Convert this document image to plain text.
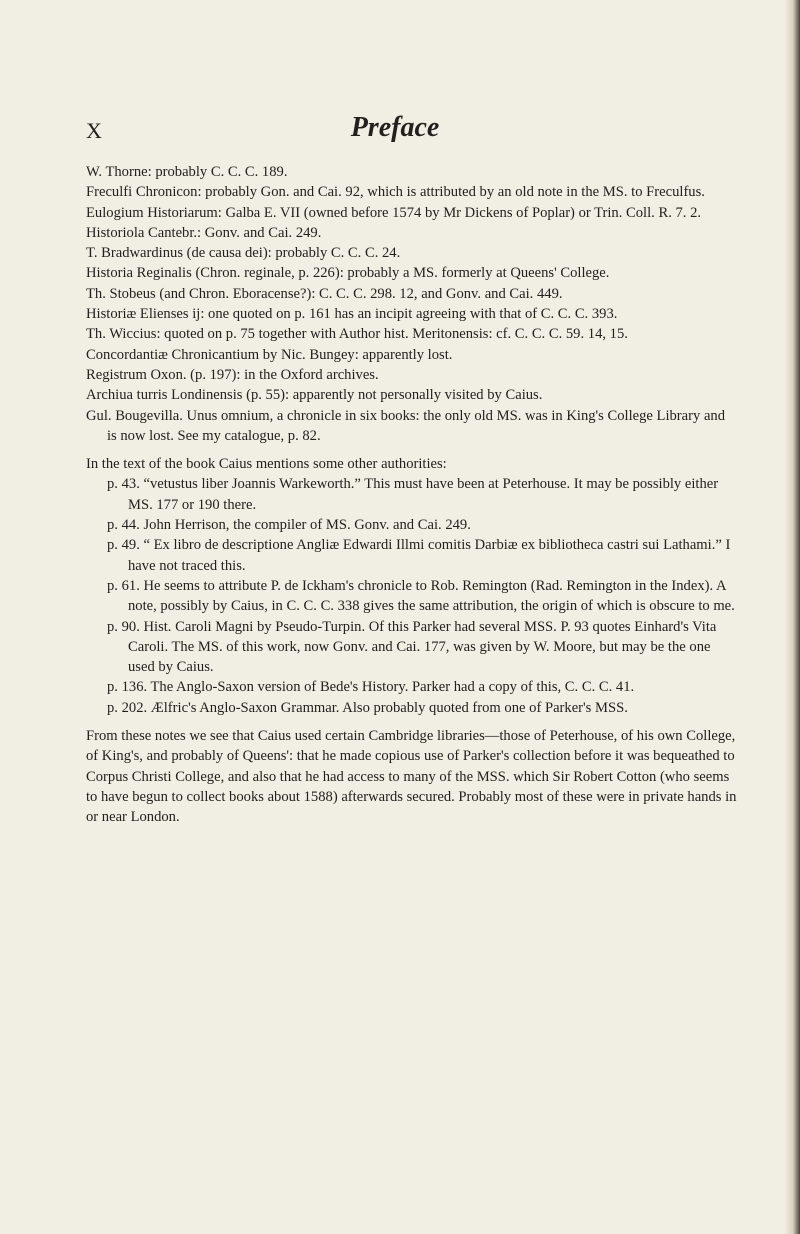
X	Preface

W. Thorne: probably C. C. C. 189.

Freculfi Chronicon: probably Gon. and Cai. 92, which is attributed by an old note in the MS. to Freculfus.

Eulogium Historiarum: Galba E. VII (owned before 1574 by Mr Dickens of Poplar) or Trin. Coll. R. 7. 2.

Historiola Cantebr.: Gonv. and Cai. 249.

T. Bradwardinus (de causa dei): probably C. C. C. 24.

Historia Reginalis (Chron. reginale, p. 226): probably a MS. formerly at Queens' College.

Th. Stobeus (and Chron. Eboracense?): C. C. C. 298. 12, and Gonv. and Cai. 449.

Historiæ Elienses ij: one quoted on p. 161 has an incipit agreeing with that of C. C. C. 393.

Th. Wiccius: quoted on p. 75 together with Author hist. Meritonensis: cf. C. C. C. 59. 14, 15.

Concordantiæ Chronicantium by Nic. Bungey: apparently lost.

Registrum Oxon. (p. 197): in the Oxford archives.

Archiua turris Londinensis (p. 55): apparently not personally visited by Caius.

Gul. Bougevilla. Unus omnium, a chronicle in six books: the only old MS. was in King's College Library and is now lost. See my catalogue, p. 82.

In the text of the book Caius mentions some other authorities:

p. 43. “vetustus liber Joannis Warkeworth.” This must have been at Peterhouse. It may be possibly either MS. 177 or 190 there.

p. 44. John Herrison, the compiler of MS. Gonv. and Cai. 249.

p. 49. “ Ex libro de descriptione Angliæ Edwardi Illmi comitis Darbiæ ex bibliotheca castri sui Lathami.” I have not traced this.

p. 61. He seems to attribute P. de Ickham's chronicle to Rob. Remington (Rad. Remington in the Index). A note, possibly by Caius, in C. C. C. 338 gives the same attribution, the origin of which is obscure to me.

p. 90. Hist. Caroli Magni by Pseudo-Turpin. Of this Parker had several MSS. P. 93 quotes Einhard's Vita Caroli. The MS. of this work, now Gonv. and Cai. 177, was given by W. Moore, but may be the one used by Caius.

p. 136. The Anglo-Saxon version of Bede's History. Parker had a copy of this, C. C. C. 41.

p. 202. Ælfric's Anglo-Saxon Grammar. Also probably quoted from one of Parker's MSS.

From these notes we see that Caius used certain Cambridge libraries—those of Peterhouse, of his own College, of King's, and probably of Queens': that he made copious use of Parker's collection before it was bequeathed to Corpus Christi College, and also that he had access to many of the MSS. which Sir Robert Cotton (who seems to have begun to collect books about 1588) afterwards secured. Probably most of these were in private hands in or near London.
